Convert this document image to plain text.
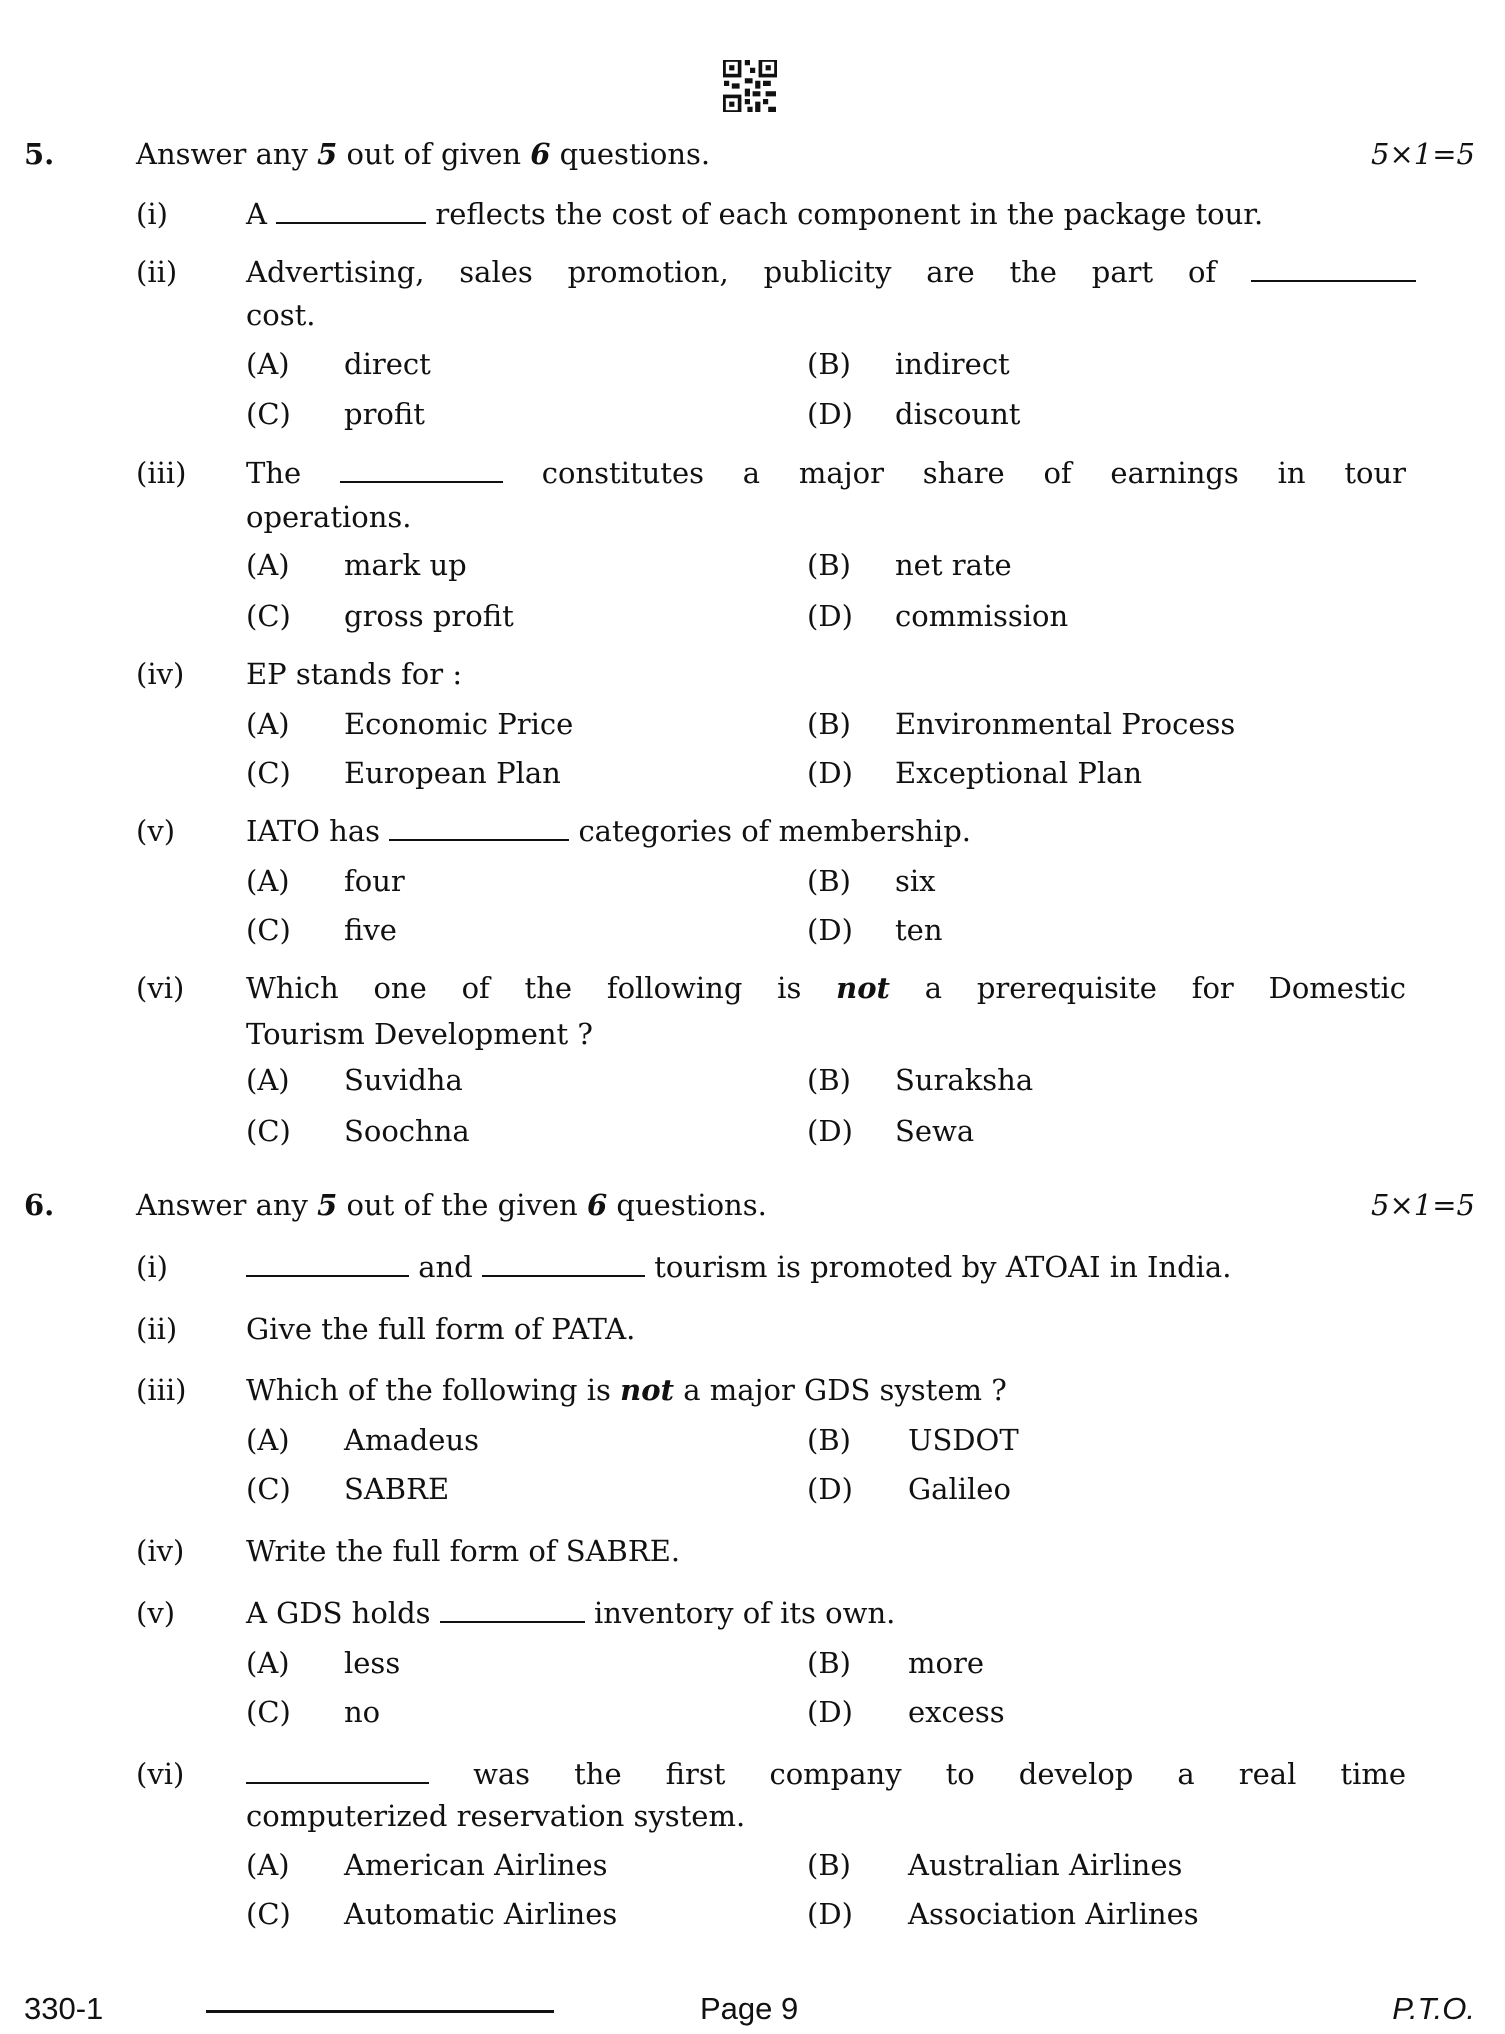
5.	Answer any 5 out of given 6 questions.	5×1=5
(i)	A	reflects the cost of each component in the package tour.
(ii) Advertising, sales promotion, publicity are the part of
cost.
(A) direct	(B) indirect
(C) profit	(D) discount
(iii) The	constitutes a major share of earnings in tour
operations.
(A) mark up	(B) net rate
(C) gross profit	(D) commission
(iv) EP stands for :
(A) Economic Price	(B) Environmental Process
(C) European Plan	(D) Exceptional Plan
(v) IATO has	categories of membership.
(A) four	(B) six
(C) five	(D) ten
(vi) Which one of the following is not a prerequisite for Domestic
Tourism Development ?
(A) Suvidha	(B) Suraksha
(C) Soochna	(D) Sewa
6.	Answer any 5 out of the given 6 questions.	5×1=5
(i)	and	tourism is promoted by ATOAI in India.
(ii) Give the full form of PATA.
(iii) Which of the following is not a major GDS system ?
(A) Amadeus	(B) USDOT
(C) SABRE	(D) Galileo
(iv) Write the full form of SABRE.
(v) A GDS holds	inventory of its own.
(A) less	(B) more
(C) no	(D) excess
(vi)	was the first company to develop a real time
computerized reservation system.
(A) American Airlines	(B) Australian Airlines
(C) Automatic Airlines	(D) Association Airlines
330-1	Page 9	P.T.O.
